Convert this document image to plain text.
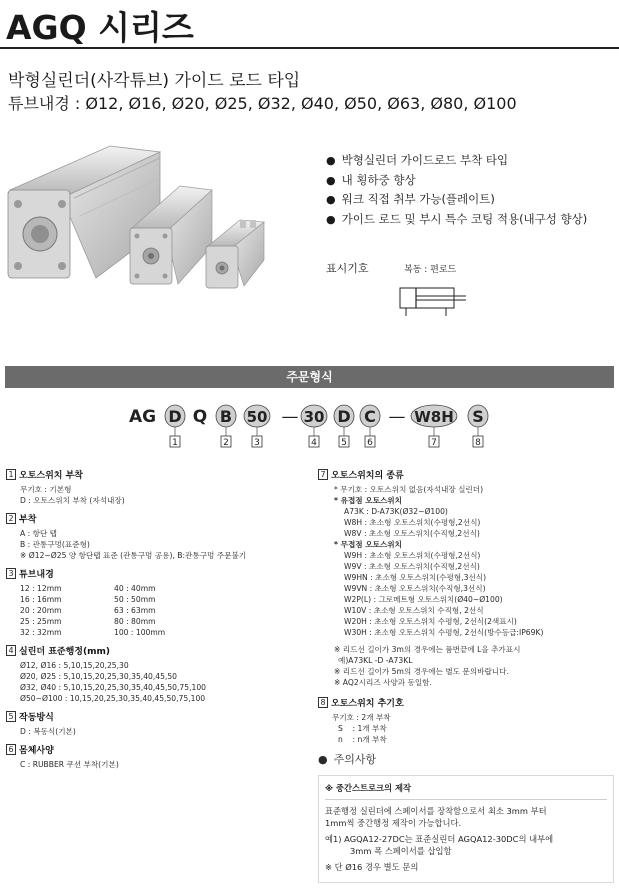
AGQ 시리즈
박형실린더(사각튜브) 가이드 로드 타입
튜브내경 : Ø12, Ø16, Ø20, Ø25, Ø32, Ø40, Ø50, Ø63, Ø80, Ø100
● 박형실린더 가이드로드 부착 타입
● 내 횡하중 향상
● 워크 직접 취부 가능(플레이트)
● 가이드 로드 및 부시 특수 코팅 적용(내구성 향상)
표시기호	복동 : 편로드
주문형식
AG D Q B 50 — 30 D C — W8H S
1	2	3	4	5 6	7	8
1 오토스위치 부착
무기호 : 기본형
D : 오토스위치 부착 (자석내장)
2 부착
A : 항단 탭
B : 관통구멍(표준형)
※ Ø12~Ø25 양 항단탭 표준 (관통구멍 공용), B:관통구멍 주문불기
3 튜브내경
12 : 12mm	40 : 40mm
16 : 16mm	50 : 50mm
20 : 20mm	63 : 63mm
25 : 25mm	80 : 80mm
32 : 32mm	100 : 100mm
4 실린더 표준행정(mm)
Ø12, Ø16 : 5,10,15,20,25,30
Ø20, Ø25 : 5,10,15,20,25,30,35,40,45,50
Ø32, Ø40 : 5,10,15,20,25,30,35,40,45,50,75,100
Ø50~Ø100 : 10,15,20,25,30,35,40,45,50,75,100
5 작동방식
D : 복동식(기본)
6 몸체사양
C : RUBBER 쿠션 부착(기본)
7 오토스위치의 종류
* 무기호 : 오토스위치 없음(자석내장 실린더)
* 유접점 오토스위치
A73K : D-A73K(Ø32~Ø100)
W8H : 초소형 오토스위치(수평형,2선식)
W8V : 초소형 오토스위치(수직형,2선식)
* 무접점 오토스위치
W9H : 초소형 오토스위치(수평형,2선식)
W9V : 초소형 오토스위치(수직형,2선식)
W9HN : 초소형 오토스위치(수평형,3선식)
W9VN : 초소형 오토스위치(수직형,3선식)
W2P(L) : 그로메트형 오토스위치(Ø40~Ø100)
W10V : 초소형 오토스위치 수직형, 2선식
W20H : 초소형 오토스위치 수평형, 2선식(2색표시)
W30H : 초소형 오토스위치 수평형, 2선식(방수등급:IP69K)
※ 리드선 길이가 3m의 경우에는 품번끝에 L을 추가표시
예)A73KL -D -A73KL
※ 리드선 길이가 5m의 경우에는 별도 문의바랍니다.
※ AQ2시리즈 사양과 동일함.
8 오토스위치 추기호
무기호 : 2개 부착
S    : 1개 부착
n    : n개 부착
● 주의사항
※ 중간스트로크의 제작
표준행정 실린더에 스페이서를 장착함으로서 최소 3mm 부터
1mm씩 중간행정 제작이 가능합니다.
예1) AGQA12-27DC는 표준실린더 AGQA12-30DC의 내부에
3mm 폭 스페이서를 삽입함
※ 단 Ø16 경우 별도 문의
